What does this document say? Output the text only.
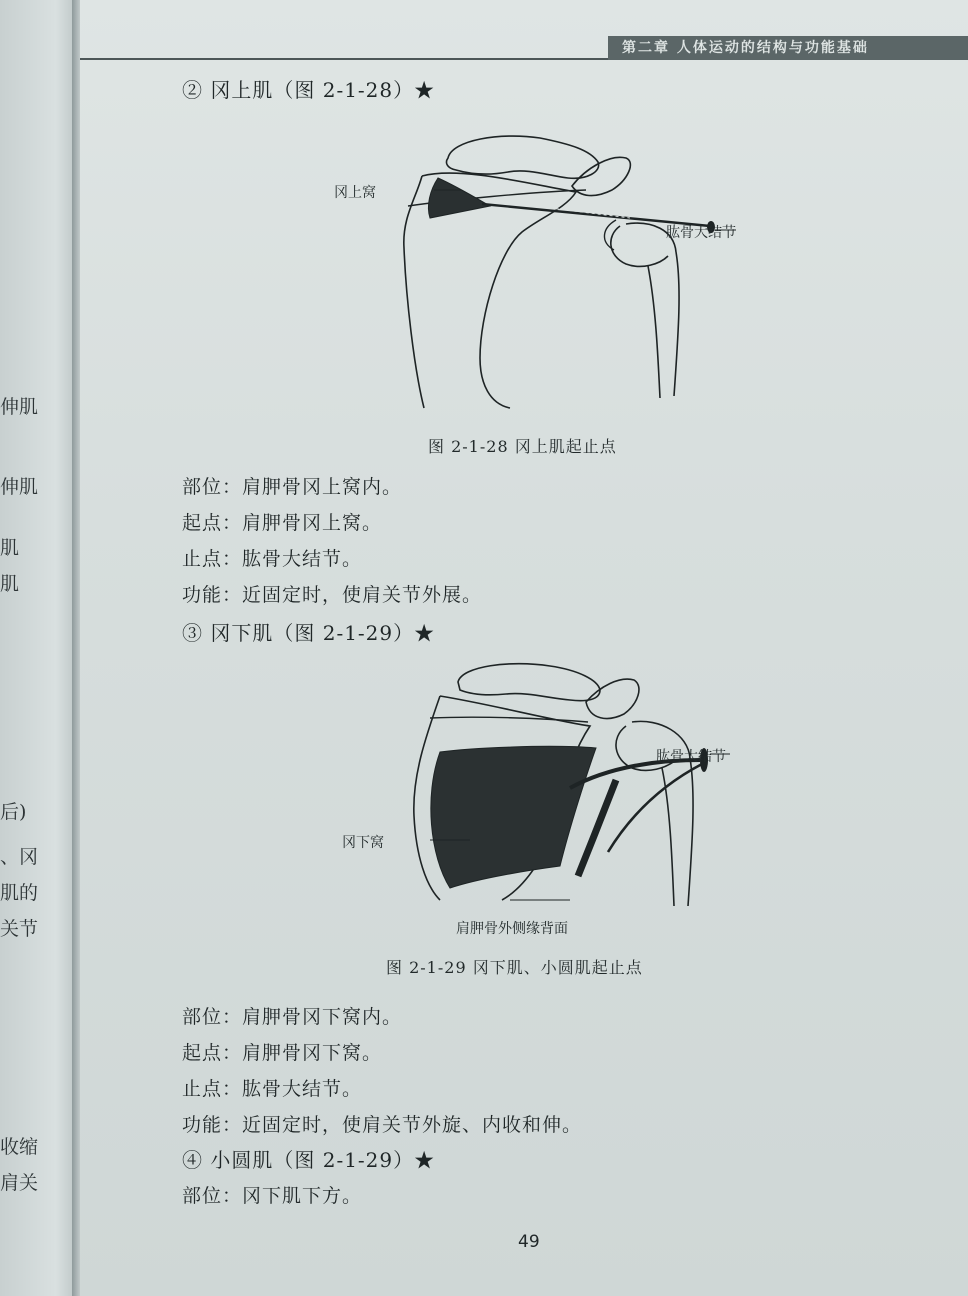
伸肌
伸肌
肌
肌
后)
、冈
肌的
关节
收缩
肩关
第二章 人体运动的结构与功能基础
② 冈上肌（图 2-1-28）★
冈上窝
肱骨大结节
图 2-1-28 冈上肌起止点
部位：肩胛骨冈上窝内。
起点：肩胛骨冈上窝。
止点：肱骨大结节。
功能：近固定时，使肩关节外展。
③ 冈下肌（图 2-1-29）★
肱骨大结节
冈下窝
肩胛骨外侧缘背面
图 2-1-29 冈下肌、小圆肌起止点
部位：肩胛骨冈下窝内。
起点：肩胛骨冈下窝。
止点：肱骨大结节。
功能：近固定时，使肩关节外旋、内收和伸。
④ 小圆肌（图 2-1-29）★
部位：冈下肌下方。
49
